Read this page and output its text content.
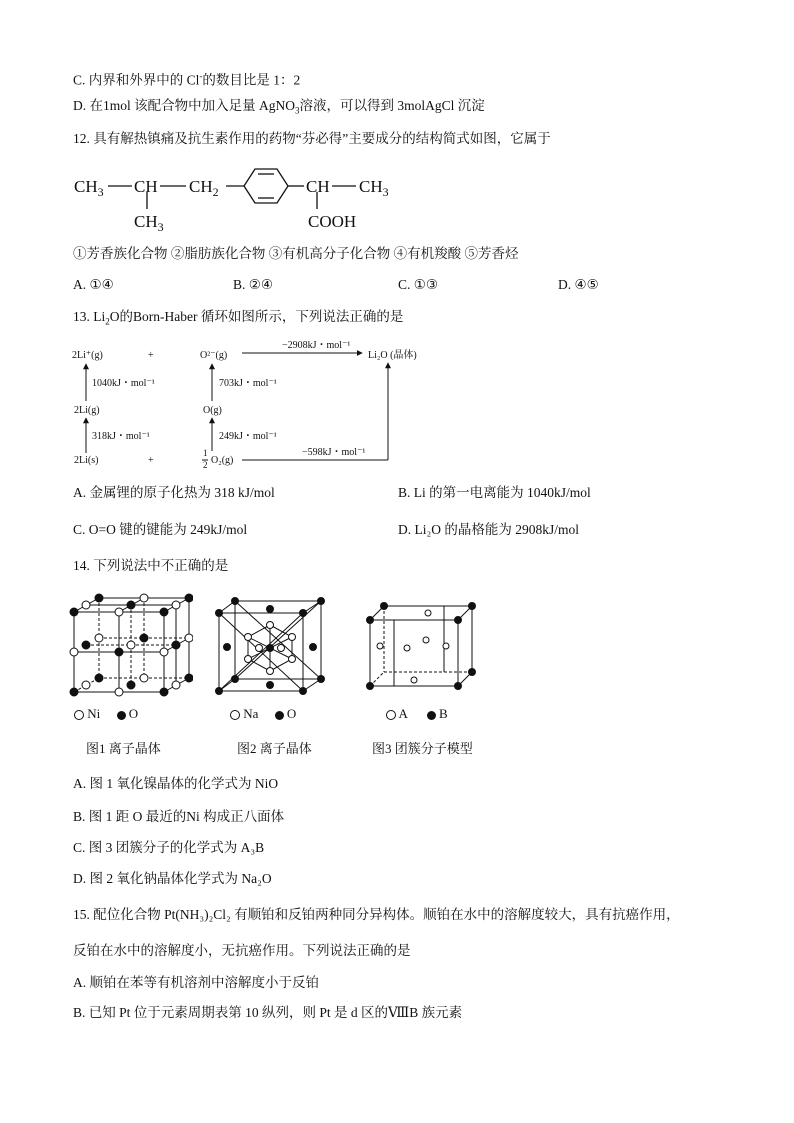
C. 内界和外界中的 Cl-的数目比是 1：2
D. 在1mol 该配合物中加入足量 AgNO$_3$溶液，可以得到 3molAgCl 沉淀
12. 具有解热镇痛及抗生素作用的药物“芬必得”主要成分的结构简式如图，它属于
$CH_3$ CH $CH_2$	CH $CH_3$
$CH_3$	COOH
①芳香族化合物 ②脂肪族化合物 ③有机高分子化合物 ④有机羧酸 ⑤芳香烃
A. ①④	B. ②④	C. ①③	D. ④⑤
13. $Li_2O$的Born-Haber 循环如图所示，下列说法正确的是
2Li⁺(g)	+	O²⁻(g)
−2908kJ・mol⁻¹
Li₂O (晶体)
1040kJ・mol⁻¹	703kJ・mol⁻¹
2Li(g)	O(g)
318kJ・mol⁻¹	249kJ・mol⁻¹
2Li(s)	+
1
2 O₂(g)
−598kJ・mol⁻¹
A. 金属锂的原子化热为 318 kJ/mol	B. Li 的第一电离能为 1040kJ/mol
C. O=O 键的键能为 249kJ/mol	D. Li₂O 的晶格能为 2908kJ/mol
14. 下列说法中不正确的是
Ni O
图1 离子晶体
Na O
图2 离子晶体
A B
图3 团簇分子模型
A. 图 1 氧化镍晶体的化学式为 NiO
B. 图 1 距 O 最近的Ni 构成正八面体
C. 图 3 团簇分子的化学式为 A₃B
D. 图 2 氧化钠晶体化学式为 Na₂O
15. 配位化合物 Pt(NH₃)₂Cl₂ 有顺铂和反铂两种同分异构体。顺铂在水中的溶解度较大，具有抗癌作用，
反铂在水中的溶解度小，无抗癌作用。下列说法正确的是
A. 顺铂在苯等有机溶剂中溶解度小于反铂
B. 已知 Pt 位于元素周期表第 10 纵列，则 Pt 是 d 区的ⅧB 族元素
